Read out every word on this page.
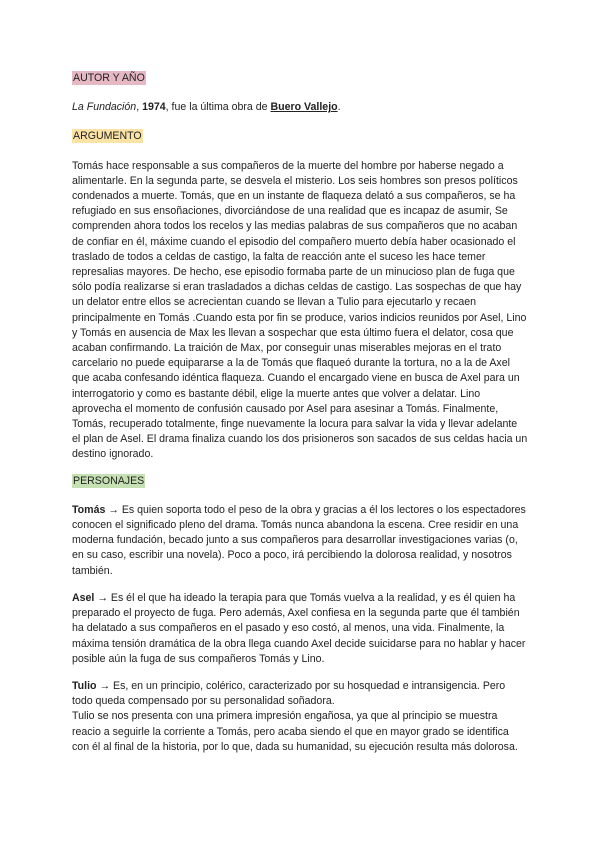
AUTOR Y AÑO

La Fundación, 1974, fue la última obra de Buero Vallejo.

ARGUMENTO

Tomás hace responsable a sus compañeros de la muerte del hombre por haberse negado a alimentarle. En la segunda parte, se desvela el misterio. Los seis hombres son presos políticos condenados a muerte. Tomás, que en un instante de flaqueza delató a sus compañeros, se ha refugiado en sus ensoñaciones, divorciándose de una realidad que es incapaz de asumir, Se comprenden ahora todos los recelos y las medias palabras de sus compañeros que no acaban de confiar en él, máxime cuando el episodio del compañero muerto debía haber ocasionado el traslado de todos a celdas de castigo, la falta de reacción ante el suceso les hace temer represalias mayores. De hecho, ese episodio formaba parte de un minucioso plan de fuga que sólo podía realizarse si eran trasladados a dichas celdas de castigo. Las sospechas de que hay un delator entre ellos se acrecientan cuando se llevan a Tulio para ejecutarlo y recaen principalmente en Tomás .Cuando esta por fin se produce, varios indicios reunidos por Asel, Lino y Tomás en ausencia de Max les llevan a sospechar que esta último fuera el delator, cosa que acaban confirmando. La traición de Max, por conseguir unas miserables mejoras en el trato carcelario no puede equipararse a la de Tomás que flaqueó durante la tortura, no a la de Axel que acaba confesando idéntica flaqueza. Cuando el encargado viene en busca de Axel para un interrogatorio y como es bastante débil, elige la muerte antes que volver a delatar. Lino aprovecha el momento de confusión causado por Asel para asesinar a Tomás. Finalmente, Tomás, recuperado totalmente, finge nuevamente la locura para salvar la vida y llevar adelante el plan de Asel. El drama finaliza cuando los dos prisioneros son sacados de sus celdas hacia un destino ignorado.

PERSONAJES

Tomás → Es quien soporta todo el peso de la obra y gracias a él los lectores o los espectadores conocen el significado pleno del drama. Tomás nunca abandona la escena. Cree residir en una moderna fundación, becado junto a sus compañeros para desarrollar investigaciones varias (o, en su caso, escribir una novela). Poco a poco, irá percibiendo la dolorosa realidad, y nosotros también.

Asel → Es él el que ha ideado la terapia para que Tomás vuelva a la realidad, y es él quien ha preparado el proyecto de fuga. Pero además, Axel confiesa en la segunda parte que él también ha delatado a sus compañeros en el pasado y eso costó, al menos, una vida. Finalmente, la máxima tensión dramática de la obra llega cuando Axel decide suicidarse para no hablar y hacer posible aún la fuga de sus compañeros Tomás y Lino.

Tulio → Es, en un principio, colérico, caracterizado por su hosquedad e intransigencia. Pero todo queda compensado por su personalidad soñadora.

Tulio se nos presenta con una primera impresión engañosa, ya que al principio se muestra reacio a seguirle la corriente a Tomás, pero acaba siendo el que en mayor grado se identifica con él al final de la historia, por lo que, dada su humanidad, su ejecución resulta más dolorosa.
